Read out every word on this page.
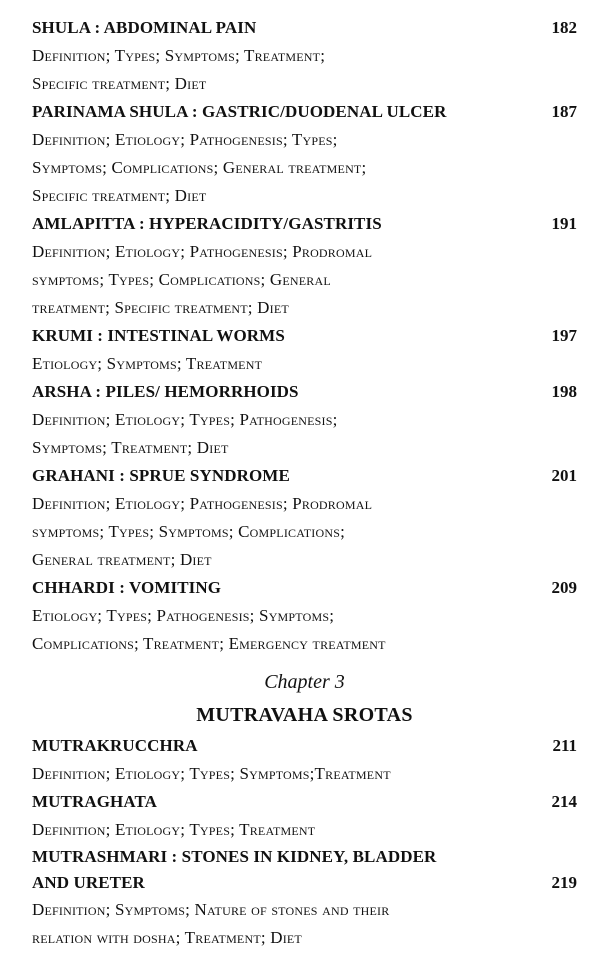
SHULA : ABDOMINAL PAIN	182
Definition; Types; Symptoms; Treatment;
Specific treatment; Diet
PARINAMA SHULA : GASTRIC/DUODENAL ULCER	187
Definition; Etiology; Pathogenesis; Types;
Symptoms; Complications; General treatment;
Specific treatment; Diet
AMLAPITTA : HYPERACIDITY/GASTRITIS	191
Definition; Etiology; Pathogenesis; Prodromal
symptoms; Types; Complications; General
treatment; Specific treatment; Diet
KRUMI : INTESTINAL WORMS	197
Etiology; Symptoms; Treatment
ARSHA : PILES/ HEMORRHOIDS	198
Definition; Etiology; Types; Pathogenesis;
Symptoms; Treatment; Diet
GRAHANI : SPRUE SYNDROME	201
Definition; Etiology; Pathogenesis; Prodromal
symptoms; Types; Symptoms; Complications;
General treatment; Diet
CHHARDI : VOMITING	209
Etiology; Types; Pathogenesis; Symptoms;
Complications; Treatment; Emergency treatment
Chapter 3
MUTRAVAHA SROTAS
MUTRAKRUCCHRA	211
Definition; Etiology; Types; Symptoms;Treatment
MUTRAGHATA	214
Definition; Etiology; Types; Treatment
MUTRASHMARI : STONES IN KIDNEY, BLADDER
AND URETER	219
Definition; Symptoms; Nature of stones and their
relation with dosha; Treatment; Diet
